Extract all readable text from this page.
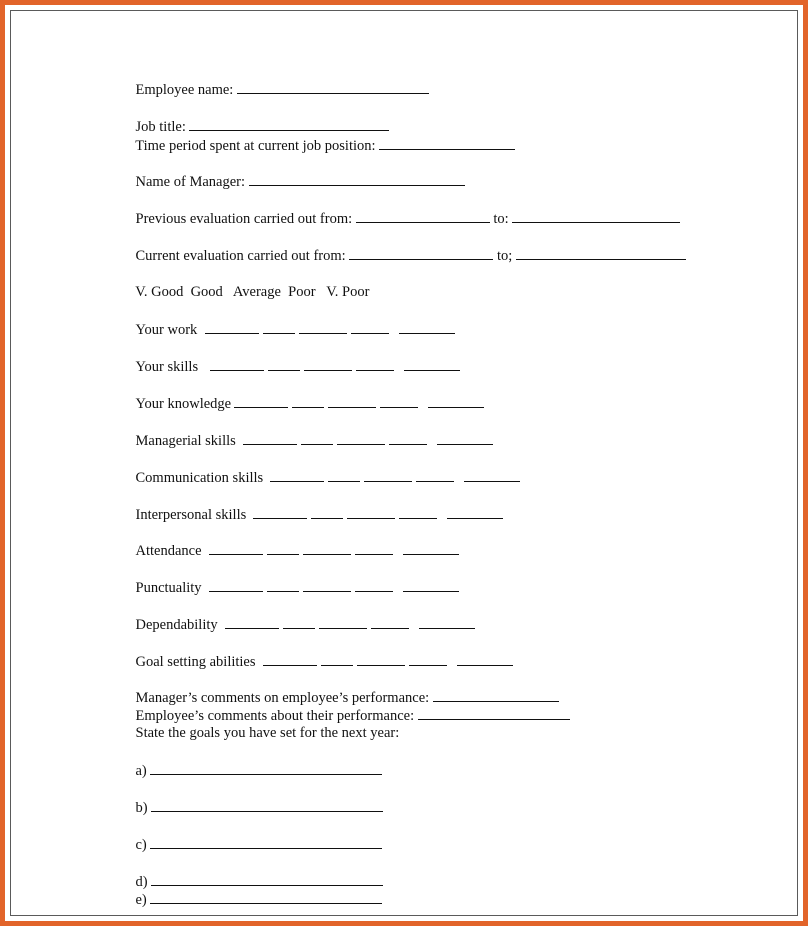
Employee name:

Job title:

Time period spent at current job position:

Name of Manager:

Previous evaluation carried out from:	to:

Current evaluation carried out from:	to;

V. Good Good Average Poor V. Poor

Your work

Your skills

Your knowledge

Managerial skills

Communication skills

Interpersonal skills

Attendance

Punctuality

Dependability

Goal setting abilities

Manager’s comments on employee’s performance:

Employee’s comments about their performance:

State the goals you have set for the next year:

a)

b)

c)

d)

e)
